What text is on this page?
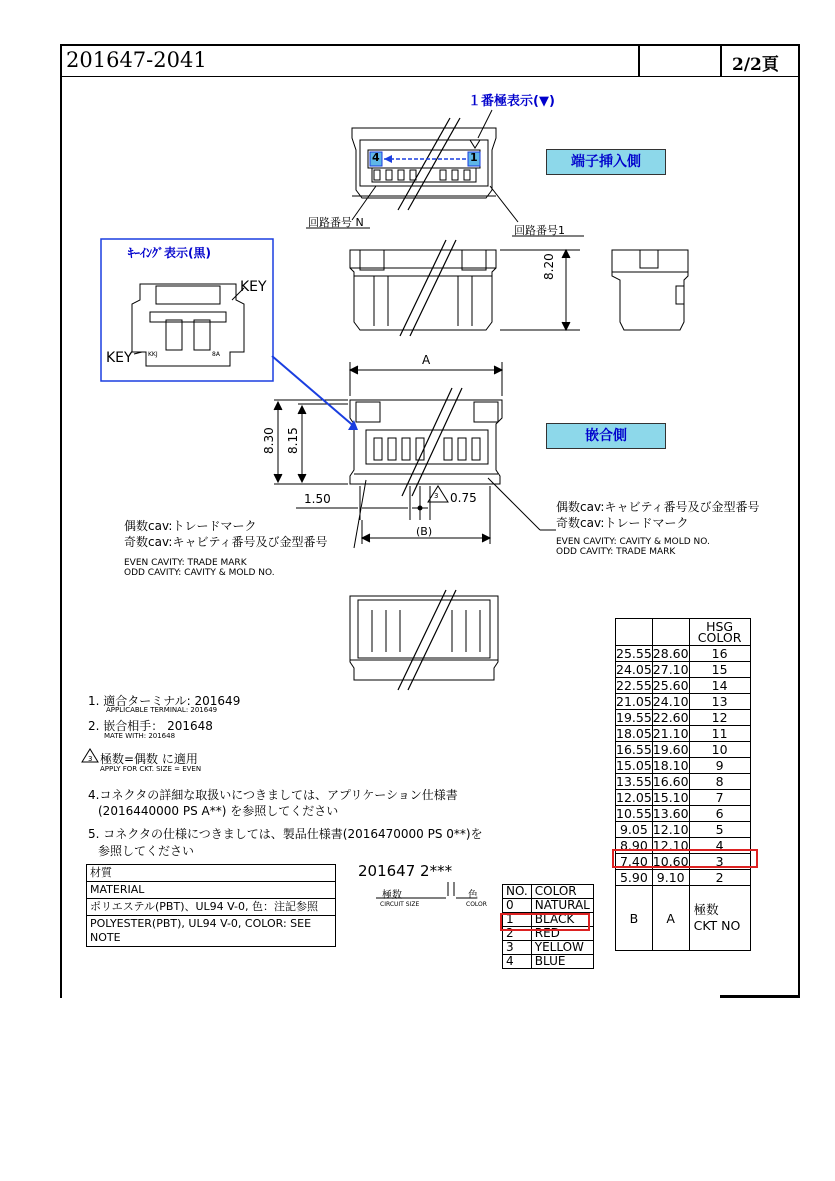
201647-2041	2/2頁
１番極表示(▼)
端子挿入側
嵌合側
4	1
回路番号 N
回路番号1
ｷｰｲﾝｸﾞ表示(黒)
KEY
KEY	KKJ	8A
8.20
A
8.30 8.15
1.50	3 0.75
(B)
偶数cav:キャビティ番号及び金型番号
奇数cav:トレードマーク
EVEN CAVITY: CAVITY & MOLD NO.
ODD CAVITY: TRADE MARK
偶数cav:トレードマーク
奇数cav:キャビティ番号及び金型番号
EVEN CAVITY: TRADE MARK
ODD CAVITY: CAVITY & MOLD NO.
1. 適合ターミナル: 201649
APPLICABLE TERMINAL: 201649
2. 嵌合相手： 201648
MATE WITH: 201648
3 極数=偶数 に適用
APPLY FOR CKT. SIZE = EVEN
4.コネクタの詳細な取扱いにつきましては、アプリケーション仕様書
(2016440000 PS A**) を参照してください
5. コネクタの仕様につきましては、製品仕様書(2016470000 PS 0**)を
参照してください
材質
MATERIAL
ポリエステル(PBT)、UL94 V-0, 色：注記参照
POLYESTER(PBT), UL94 V-0, COLOR: SEE NOTE
201647 2***
極数
CIRCUIT SIZE
色
COLOR
NO.	COLOR
0	NATURAL
1	BLACK
2	RED
3	YELLOW
4	BLUE
		HSG
COLOR
25.55	28.60	16
24.05	27.10	15
22.55	25.60	14
21.05	24.10	13
19.55	22.60	12
18.05	21.10	11
16.55	19.60	10
15.05	18.10	9
13.55	16.60	8
12.05	15.10	7
10.55	13.60	6
9.05	12.10	5
8.90	12.10	4
7.40	10.60	3
5.90	9.10	2
B	A	極数
CKT NO
